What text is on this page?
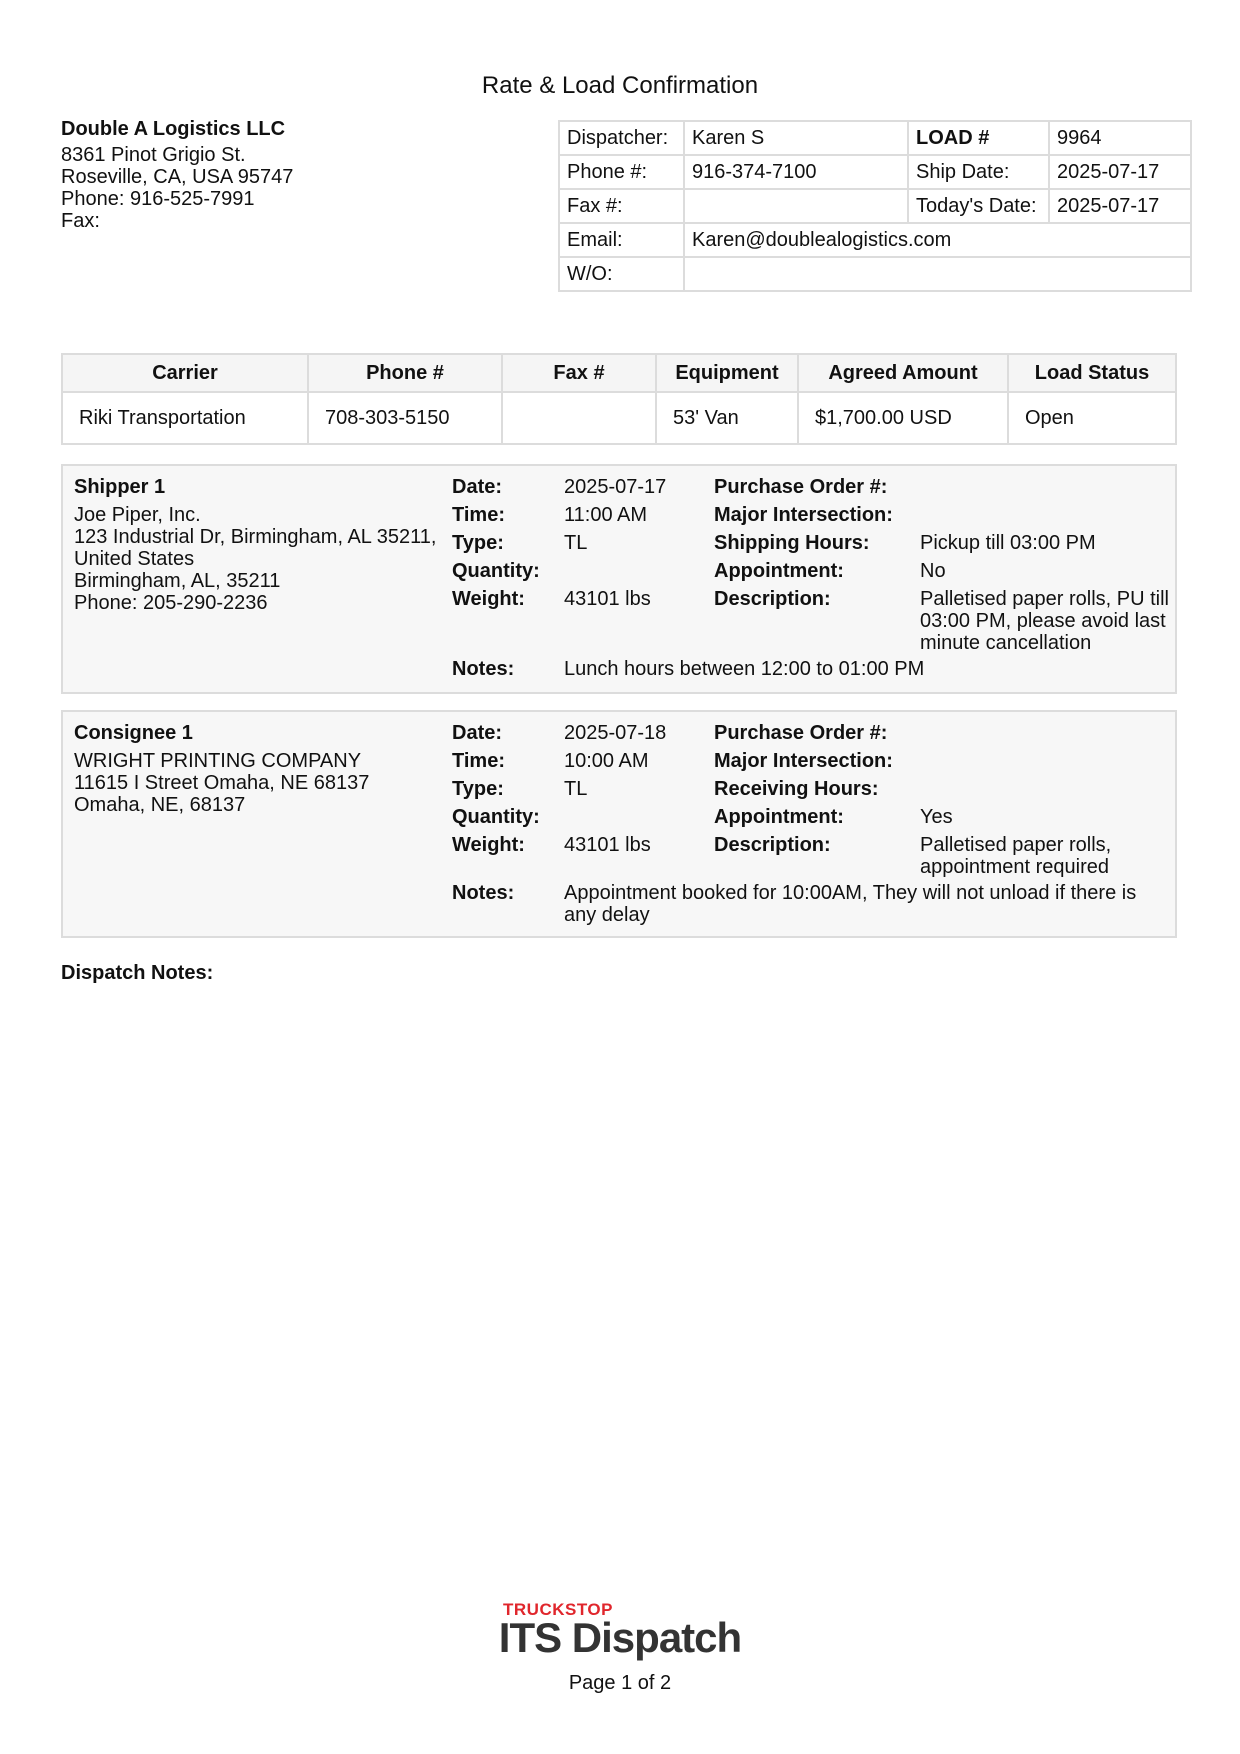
Rate & Load Confirmation
Double A Logistics LLC
8361 Pinot Grigio St.
Roseville, CA, USA 95747
Phone: 916-525-7991
Fax:
Dispatcher:	Karen S	LOAD #	9964
Phone #:	916-374-7100	Ship Date:	2025-07-17
Fax #:		Today's Date:	2025-07-17
Email:	Karen@doublealogistics.com		
W/O:			
Carrier	Phone #	Fax #	Equipment	Agreed Amount	Load Status
Riki Transportation	708-303-5150		53' Van	$1,700.00 USD	Open
Shipper 1
Joe Piper, Inc.
123 Industrial Dr, Birmingham, AL 35211,
United States
Birmingham, AL, 35211
Phone: 205-290-2236
Date:	2025-07-17	Purchase Order #:
Time:	11:00 AM	Major Intersection:
Type:	TL	Shipping Hours:	Pickup till 03:00 PM
Quantity:	Appointment:	No
Weight:	43101 lbs	Description:	Palletised paper rolls, PU till 03:00 PM, please avoid last minute cancellation
Notes:	Lunch hours between 12:00 to 01:00 PM
Consignee 1
WRIGHT PRINTING COMPANY
11615 I Street Omaha, NE 68137
Omaha, NE, 68137
Date:	2025-07-18	Purchase Order #:
Time:	10:00 AM	Major Intersection:
Type:	TL	Receiving Hours:
Quantity:	Appointment:	Yes
Weight:	43101 lbs	Description:	Palletised paper rolls, appointment required
Notes:	Appointment booked for 10:00AM, They will not unload if there is any delay
Dispatch Notes:
TRUCKSTOP
ITS Dispatch
Page 1 of 2
